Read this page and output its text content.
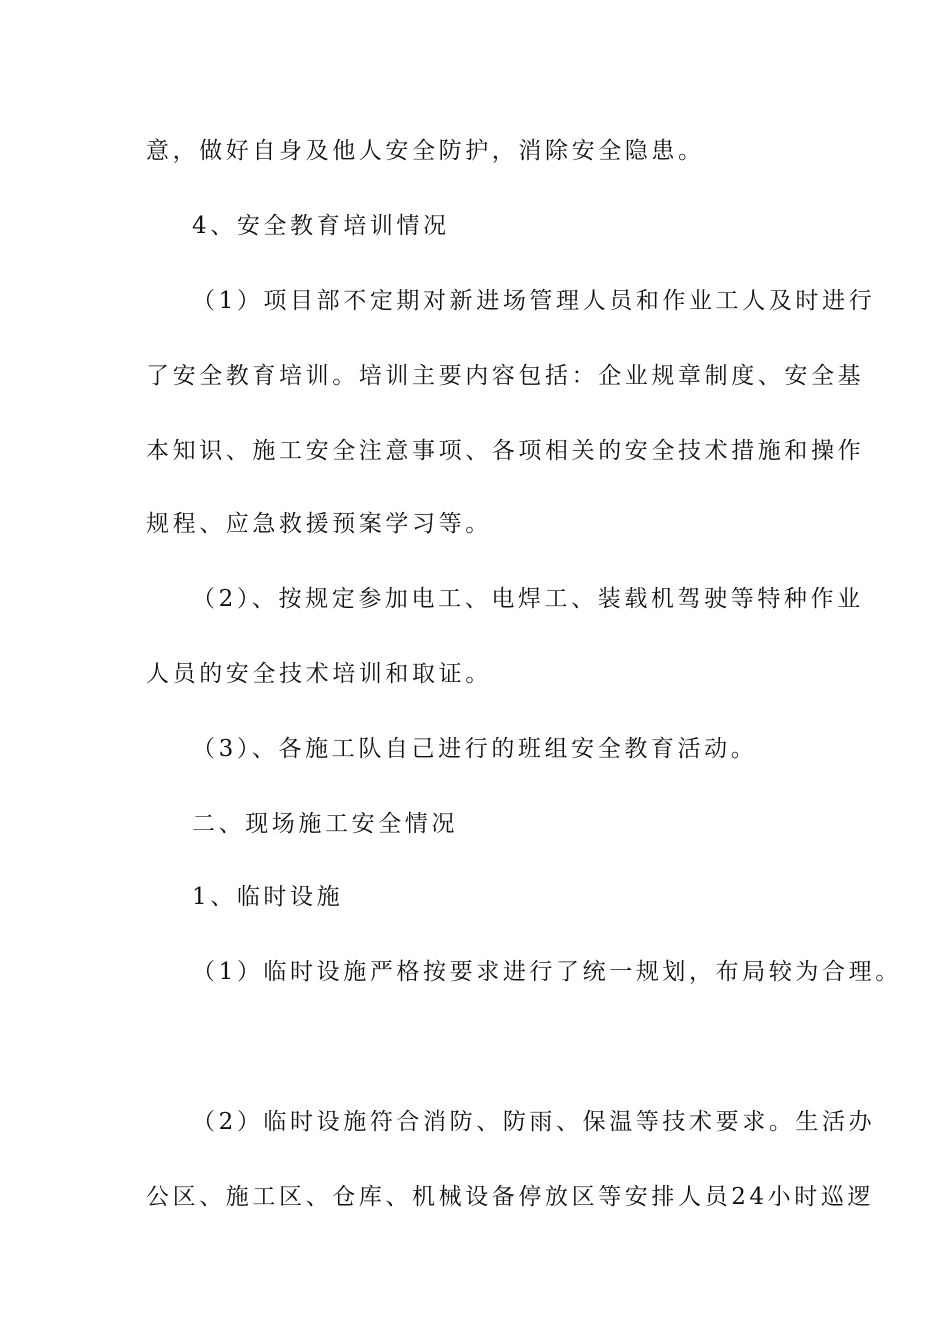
意，做好自身及他人安全防护，消除安全隐患。
4、安全教育培训情况
（1）项目部不定期对新进场管理人员和作业工人及时进行
了安全教育培训。培训主要内容包括：企业规章制度、安全基
本知识、施工安全注意事项、各项相关的安全技术措施和操作
规程、应急救援预案学习等。
（2）、按规定参加电工、电焊工、装载机驾驶等特种作业
人员的安全技术培训和取证。
（3）、各施工队自己进行的班组安全教育活动。
二、现场施工安全情况
1、临时设施
（1）临时设施严格按要求进行了统一规划，布局较为合理。
（2）临时设施符合消防、防雨、保温等技术要求。生活办
公区、施工区、仓库、机械设备停放区等安排人员24小时巡逻
